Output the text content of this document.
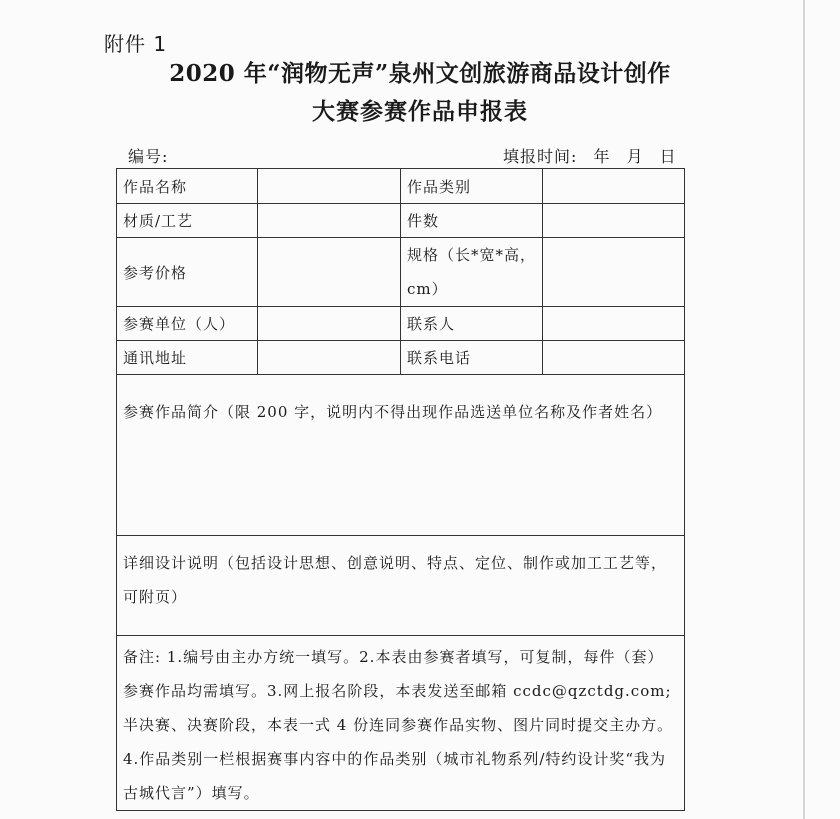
附件 1
2020 年“润物无声”泉州文创旅游商品设计创作
大赛参赛作品申报表
编号:	填报时间: 年 月 日
作品名称		作品类别	
材质/工艺		件数	
参考价格		规格（长*宽*高，cm）	
参赛单位（人）		联系人	
通讯地址		联系电话	
参赛作品简介（限 200 字，说明内不得出现作品选送单位名称及作者姓名）			
详细设计说明（包括设计思想、创意说明、特点、定位、制作或加工工艺等，可附页）			
备注: 1.编号由主办方统一填写。2.本表由参赛者填写，可复制，每件（套）参赛作品均需填写。3.网上报名阶段，本表发送至邮箱 ccdc@qzctdg.com; 半决赛、决赛阶段，本表一式 4 份连同参赛作品实物、图片同时提交主办方。4.作品类别一栏根据赛事内容中的作品类别（城市礼物系列/特约设计奖“我为古城代言”）填写。			
